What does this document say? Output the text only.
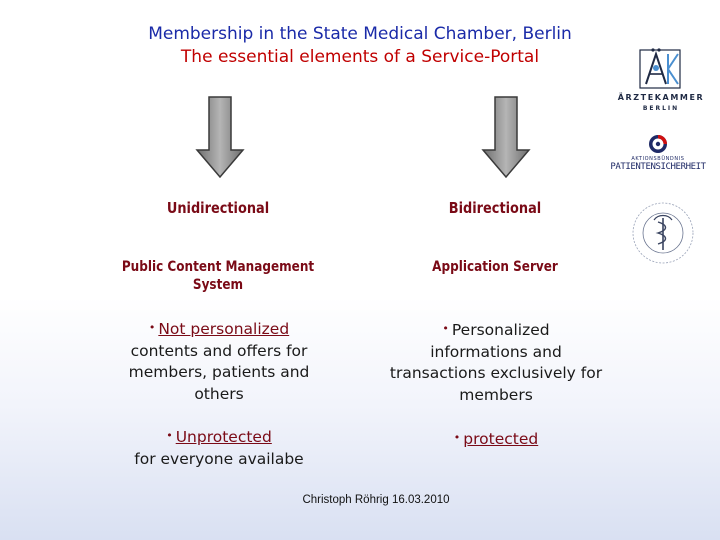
Membership in the State Medical Chamber, Berlin
The essential elements of a Service-Portal
Unidirectional	Bidirectional
Public Content Management System
Application Server
• Not personalized
contents and offers for members, patients and others
• Personalized
informations and transactions exclusively for members
• Unprotected
for everyone availabe
• protected
Christoph Röhrig 16.03.2010
ÄRZTEKAMMER
BERLIN
AKTIONSBÜNDNIS
PATIENTENSICHERHEIT
